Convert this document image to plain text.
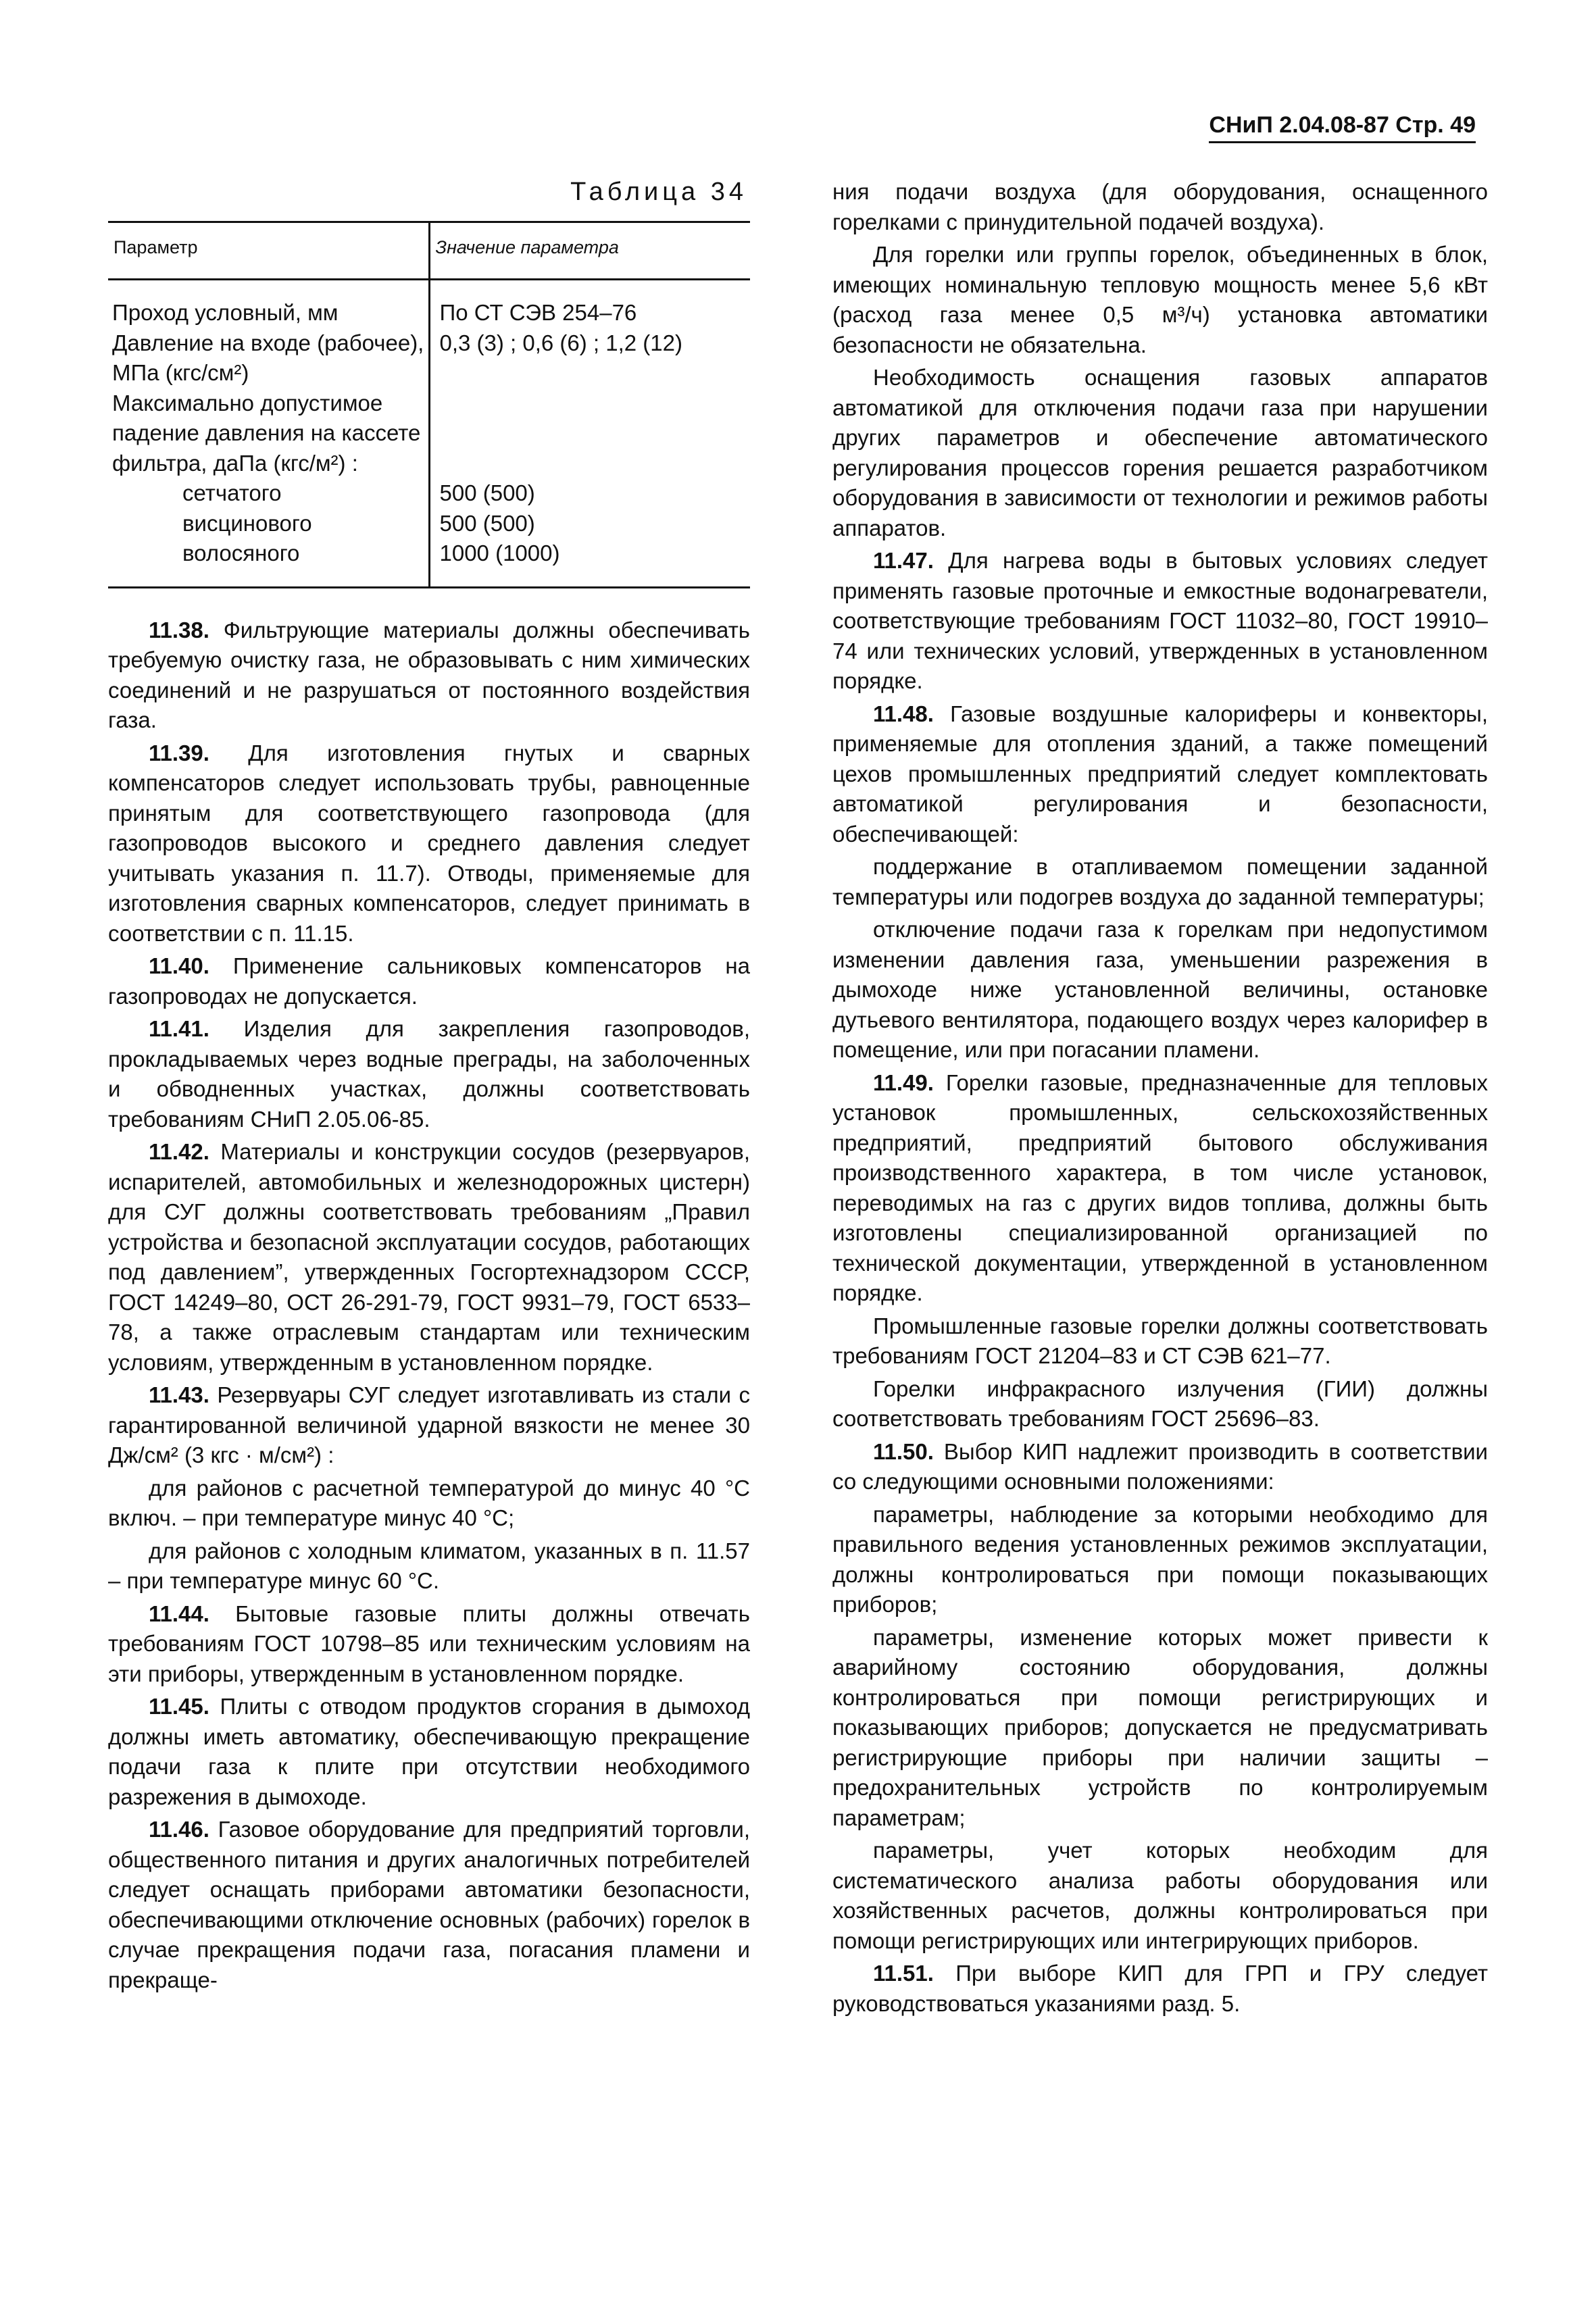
СНиП 2.04.08-87 Стр. 49
Таблица 34
Параметр	Значение параметра
Проход условный, мм	По СТ СЭВ 254–76
Давление на входе (рабочее), МПа (кгс/см²)	0,3 (3) ; 0,6 (6) ; 1,2 (12)
Максимально допустимое падение давления на кассете фильтра, даПа (кгс/м²) :	
сетчатого	500 (500)
висцинового	500 (500)
волосяного	1000 (1000)

11.38. Фильтрующие материалы должны обеспечивать требуемую очистку газа, не образовывать с ним химических соединений и не разрушаться от постоянного воздействия газа.

11.39. Для изготовления гнутых и сварных компенсаторов следует использовать трубы, равноценные принятым для соответствующего газопровода (для газопроводов высокого и среднего давления следует учитывать указания п. 11.7). Отводы, применяемые для изготовления сварных компенсаторов, следует принимать в соответствии с п. 11.15.

11.40. Применение сальниковых компенсаторов на газопроводах не допускается.

11.41. Изделия для закрепления газопроводов, прокладываемых через водные преграды, на заболоченных и обводненных участках, должны соответствовать требованиям СНиП 2.05.06-85.

11.42. Материалы и конструкции сосудов (резервуаров, испарителей, автомобильных и железнодорожных цистерн) для СУГ должны соответствовать требованиям „Правил устройства и безопасной эксплуатации сосудов, работающих под давлением”, утвержденных Госгортехнадзором СССР, ГОСТ 14249–80, ОСТ 26-291-79, ГОСТ 9931–79, ГОСТ 6533–78, а также отраслевым стандартам или техническим условиям, утвержденным в установленном порядке.

11.43. Резервуары СУГ следует изготавливать из стали с гарантированной величиной ударной вязкости не менее 30 Дж/см² (3 кгс · м/см²) :

для районов с расчетной температурой до минус 40 °С включ. – при температуре минус 40 °С;

для районов с холодным климатом, указанных в п. 11.57 – при температуре минус 60 °С.

11.44. Бытовые газовые плиты должны отвечать требованиям ГОСТ 10798–85 или техническим условиям на эти приборы, утвержденным в установленном порядке.

11.45. Плиты с отводом продуктов сгорания в дымоход должны иметь автоматику, обеспечивающую прекращение подачи газа к плите при отсутствии необходимого разрежения в дымоходе.

11.46. Газовое оборудование для предприятий торговли, общественного питания и других аналогичных потребителей следует оснащать приборами автоматики безопасности, обеспечивающими отключение основных (рабочих) горелок в случае прекращения подачи газа, погасания пламени и прекраще-

ния подачи воздуха (для оборудования, оснащенного горелками с принудительной подачей воздуха).

Для горелки или группы горелок, объединенных в блок, имеющих номинальную тепловую мощность менее 5,6 кВт (расход газа менее 0,5 м³/ч) установка автоматики безопасности не обязательна.

Необходимость оснащения газовых аппаратов автоматикой для отключения подачи газа при нарушении других параметров и обеспечение автоматического регулирования процессов горения решается разработчиком оборудования в зависимости от технологии и режимов работы аппаратов.

11.47. Для нагрева воды в бытовых условиях следует применять газовые проточные и емкостные водонагреватели, соответствующие требованиям ГОСТ 11032–80, ГОСТ 19910–74 или технических условий, утвержденных в установленном порядке.

11.48. Газовые воздушные калориферы и конвекторы, применяемые для отопления зданий, а также помещений цехов промышленных предприятий следует комплектовать автоматикой регулирования и безопасности, обеспечивающей:

поддержание в отапливаемом помещении заданной температуры или подогрев воздуха до заданной температуры;

отключение подачи газа к горелкам при недопустимом изменении давления газа, уменьшении разрежения в дымоходе ниже установленной величины, остановке дутьевого вентилятора, подающего воздух через калорифер в помещение, или при погасании пламени.

11.49. Горелки газовые, предназначенные для тепловых установок промышленных, сельскохозяйственных предприятий, предприятий бытового обслуживания производственного характера, в том числе установок, переводимых на газ с других видов топлива, должны быть изготовлены специализированной организацией по технической документации, утвержденной в установленном порядке.

Промышленные газовые горелки должны соответствовать требованиям ГОСТ 21204–83 и СТ СЭВ 621–77.

Горелки инфракрасного излучения (ГИИ) должны соответствовать требованиям ГОСТ 25696–83.

11.50. Выбор КИП надлежит производить в соответствии со следующими основными положениями:

параметры, наблюдение за которыми необходимо для правильного ведения установленных режимов эксплуатации, должны контролироваться при помощи показывающих приборов;

параметры, изменение которых может привести к аварийному состоянию оборудования, должны контролироваться при помощи регистрирующих и показывающих приборов; допускается не предусматривать регистрирующие приборы при наличии защиты – предохранительных устройств по контролируемым параметрам;

параметры, учет которых необходим для систематического анализа работы оборудования или хозяйственных расчетов, должны контролироваться при помощи регистрирующих или интегрирующих приборов.

11.51. При выборе КИП для ГРП и ГРУ следует руководствоваться указаниями разд. 5.
